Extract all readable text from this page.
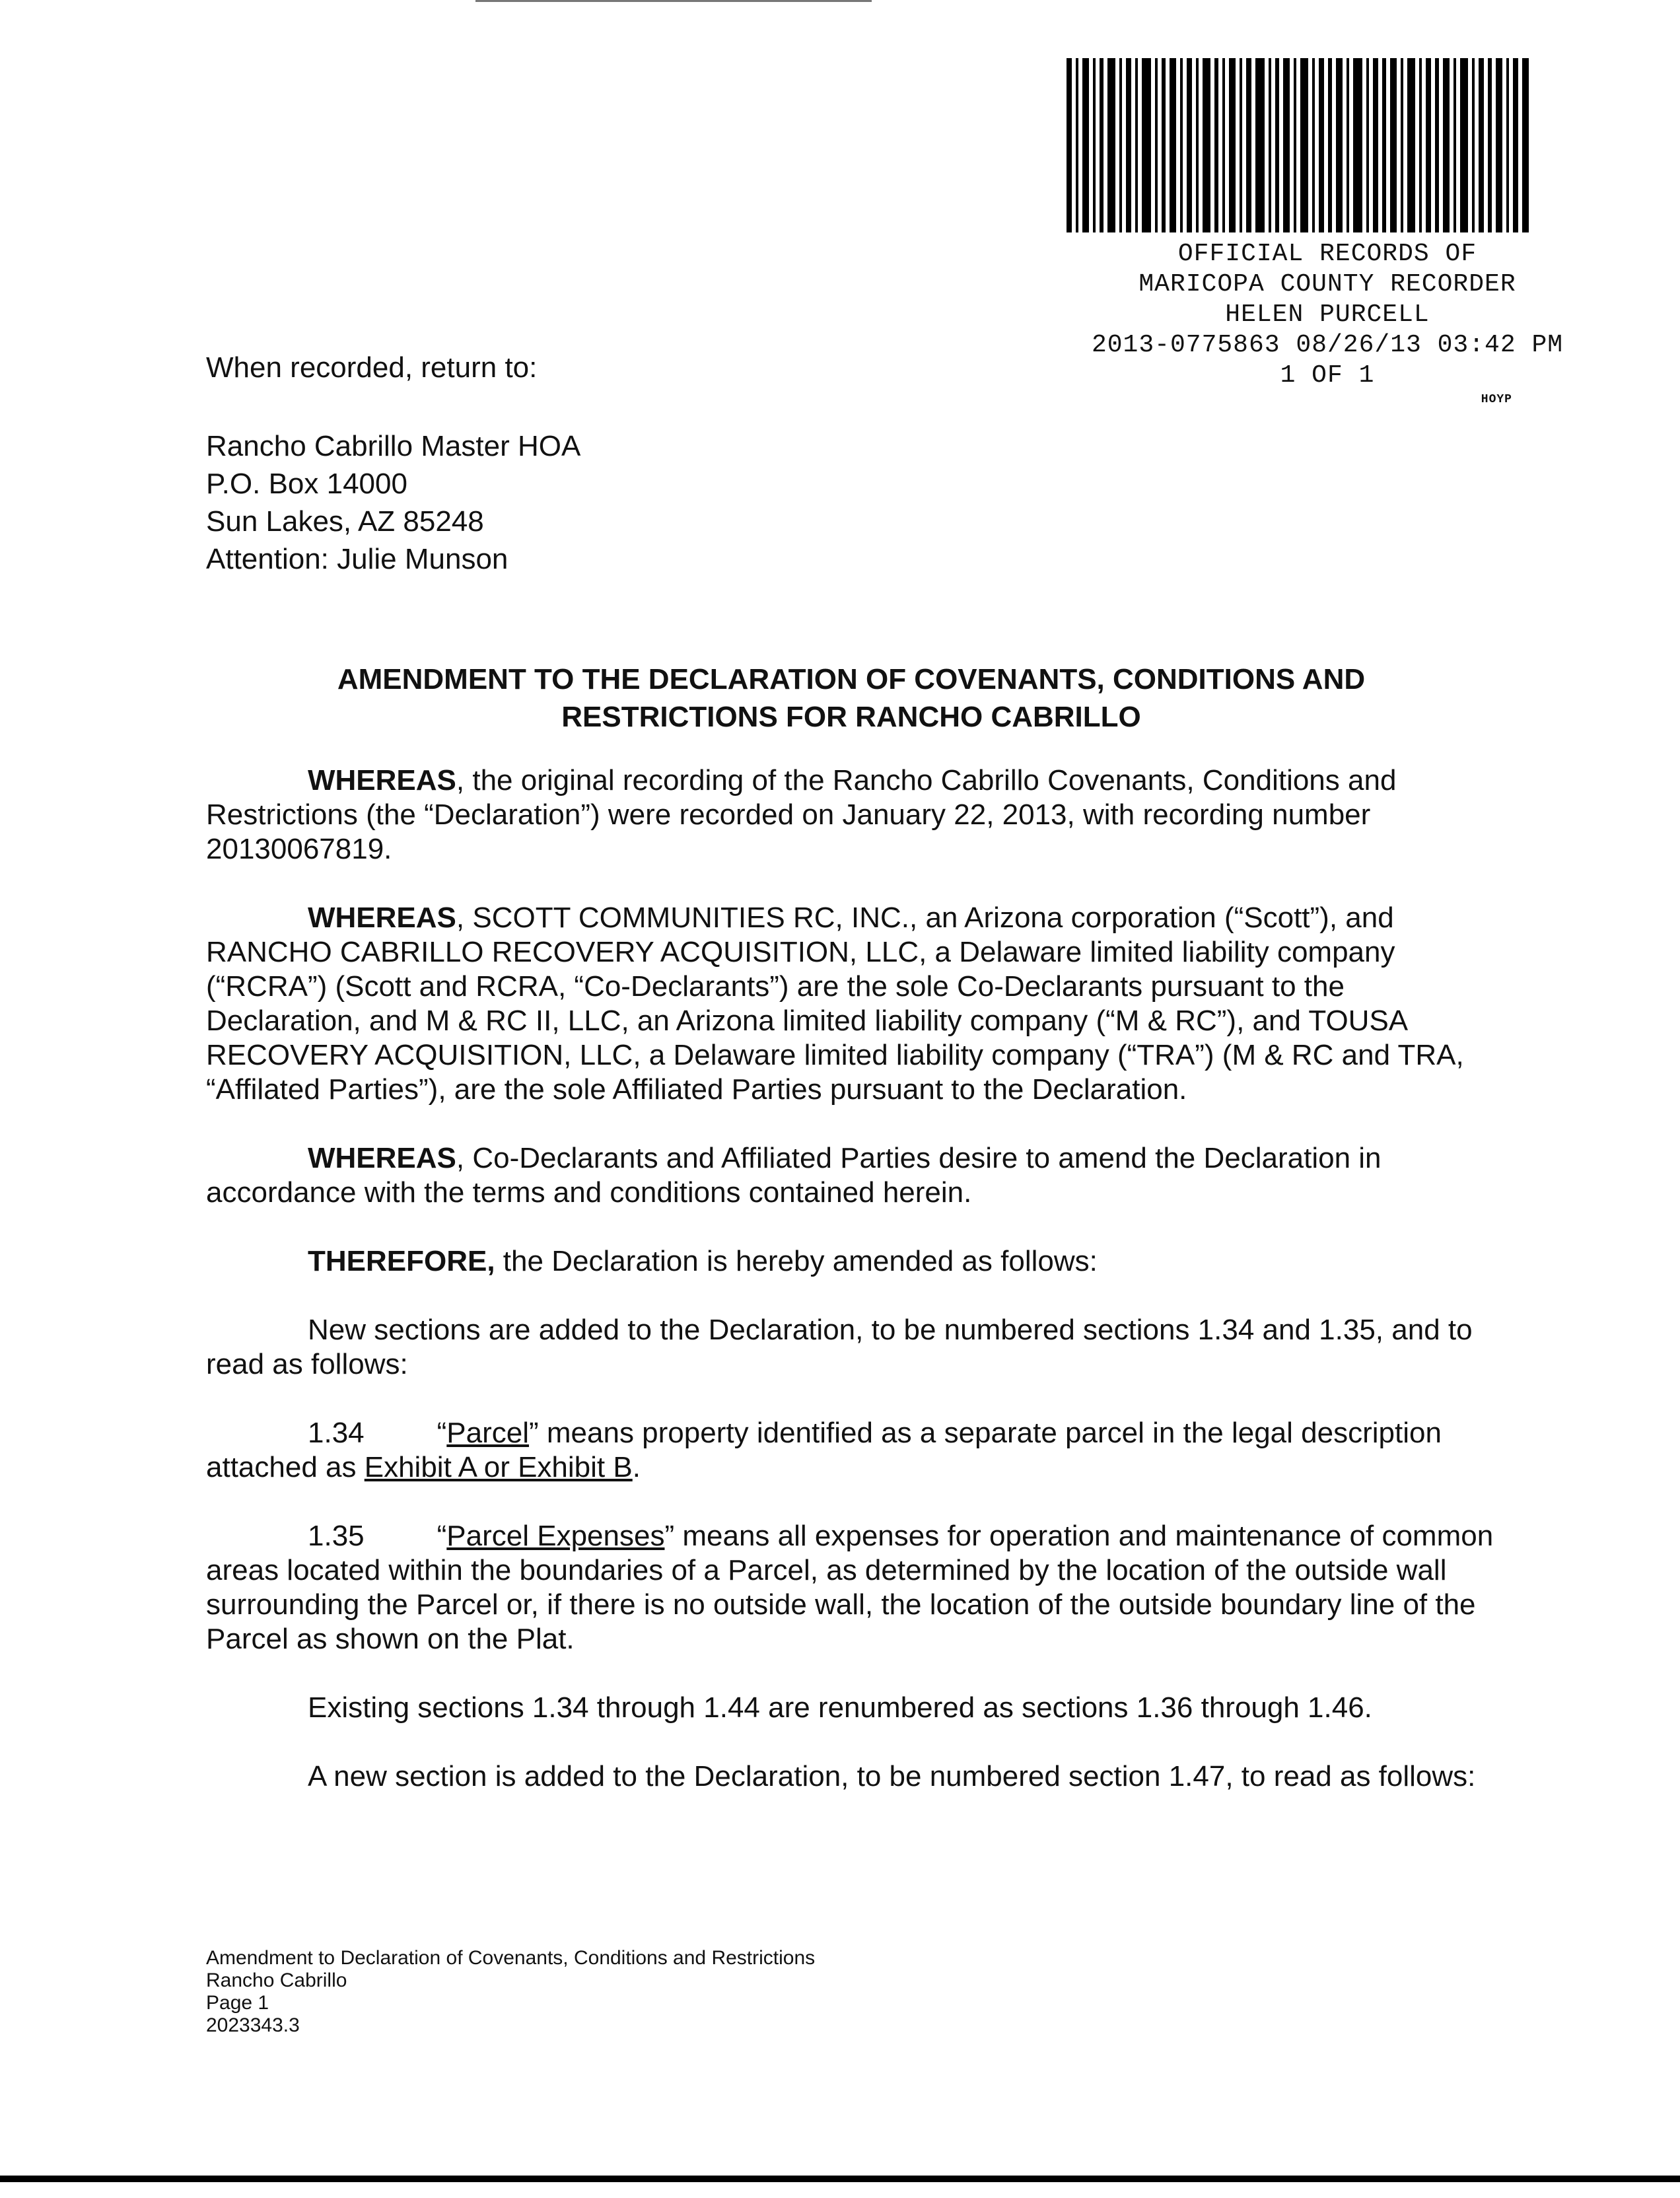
OFFICIAL RECORDS OF
MARICOPA COUNTY RECORDER
HELEN PURCELL
2013-0775863 08/26/13 03:42 PM
1 OF 1
HOYP
When recorded, return to:
Rancho Cabrillo Master HOA
P.O. Box 14000
Sun Lakes, AZ 85248
Attention: Julie Munson
AMENDMENT TO THE DECLARATION OF COVENANTS, CONDITIONS AND
RESTRICTIONS FOR RANCHO CABRILLO

WHEREAS, the original recording of the Rancho Cabrillo Covenants, Conditions and Restrictions (the “Declaration”) were recorded on January 22, 2013, with recording number 20130067819.

WHEREAS, SCOTT COMMUNITIES RC, INC., an Arizona corporation (“Scott”), and RANCHO CABRILLO RECOVERY ACQUISITION, LLC, a Delaware limited liability company (“RCRA”) (Scott and RCRA, “Co-Declarants”) are the sole Co-Declarants pursuant to the Declaration, and M & RC II, LLC, an Arizona limited liability company (“M & RC”), and TOUSA RECOVERY ACQUISITION, LLC, a Delaware limited liability company (“TRA”) (M & RC and TRA, “Affilated Parties”), are the sole Affiliated Parties pursuant to the Declaration.

WHEREAS, Co-Declarants and Affiliated Parties desire to amend the Declaration in accordance with the terms and conditions contained herein.

THEREFORE, the Declaration is hereby amended as follows:

New sections are added to the Declaration, to be numbered sections 1.34 and 1.35, and to read as follows:

1.34	“Parcel” means property identified as a separate parcel in the legal description attached as Exhibit A or Exhibit B.

1.35	“Parcel Expenses” means all expenses for operation and maintenance of common areas located within the boundaries of a Parcel, as determined by the location of the outside wall surrounding the Parcel or, if there is no outside wall, the location of the outside boundary line of the Parcel as shown on the Plat.

Existing sections 1.34 through 1.44 are renumbered as sections 1.36 through 1.46.

A new section is added to the Declaration, to be numbered section 1.47, to read as follows:

Amendment to Declaration of Covenants, Conditions and Restrictions
Rancho Cabrillo
Page 1
2023343.3
